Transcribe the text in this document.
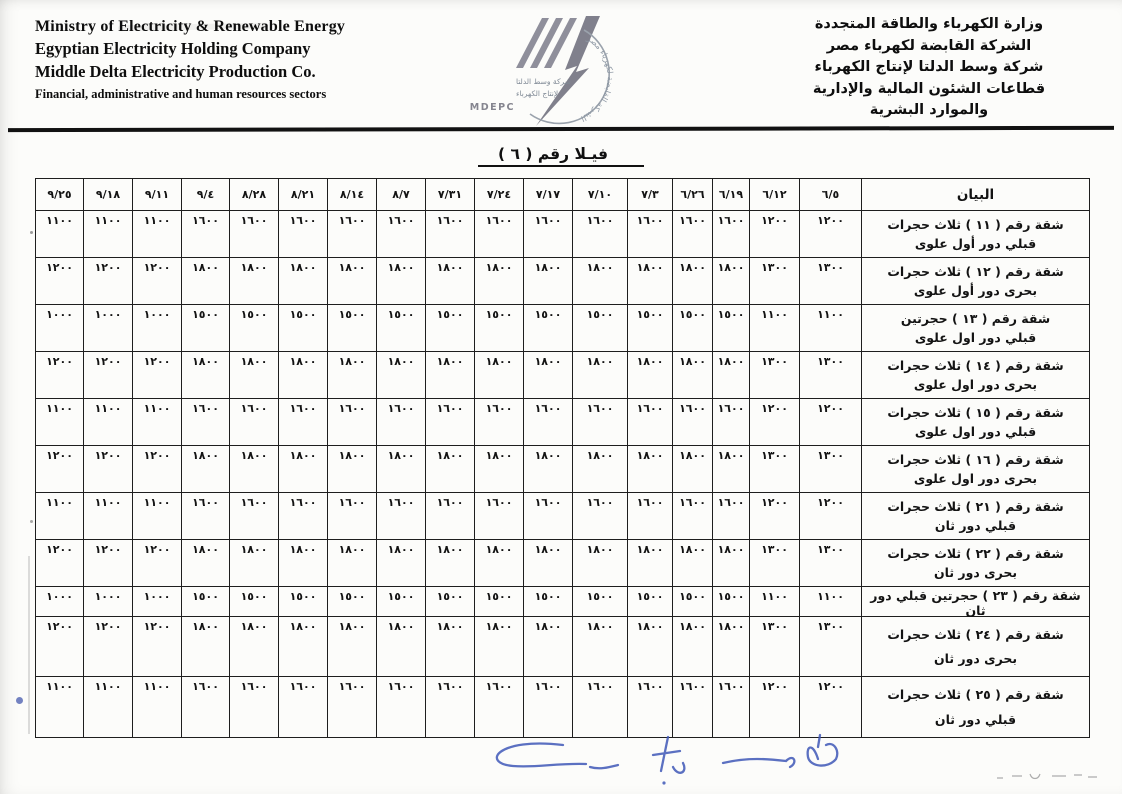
Ministry of Electricity & Renewable Energy
Egyptian Electricity Holding Company
Middle Delta Electricity Production Co.
Financial, administrative and human resources sectors
الشركة القابضة لكهرباء مصر
شركة وسط الدلتا
لإنتاج الكهرباء
MDEPC
وزارة الكهرباء والطاقة المتجددة
الشركة القابضة لكهرباء مصر
شركة وسط الدلتا لإنتاج الكهرباء
قطاعات الشئون المالية والإدارية
والموارد البشرية
فيـلا رقم ( ٦ )
البيان	٦/٥	٦/١٢	٦/١٩	٦/٢٦	٧/٣	٧/١٠	٧/١٧	٧/٢٤	٧/٣١	٨/٧	٨/١٤	٨/٢١	٨/٢٨	٩/٤	٩/١١	٩/١٨	٩/٢٥

شقة رقم ( ١١ ) ثلاث حجرات
قبلي دور أول علوى	١٢٠٠	١٢٠٠	١٦٠٠	١٦٠٠	١٦٠٠	١٦٠٠	١٦٠٠	١٦٠٠	١٦٠٠	١٦٠٠	١٦٠٠	١٦٠٠	١٦٠٠	١٦٠٠	١١٠٠	١١٠٠	١١٠٠

شقة رقم ( ١٢ ) ثلاث حجرات
بحرى دور أول علوى	١٣٠٠	١٣٠٠	١٨٠٠	١٨٠٠	١٨٠٠	١٨٠٠	١٨٠٠	١٨٠٠	١٨٠٠	١٨٠٠	١٨٠٠	١٨٠٠	١٨٠٠	١٨٠٠	١٢٠٠	١٢٠٠	١٢٠٠

شقة رقم ( ١٣ ) حجرتين
قبلي دور اول علوى	١١٠٠	١١٠٠	١٥٠٠	١٥٠٠	١٥٠٠	١٥٠٠	١٥٠٠	١٥٠٠	١٥٠٠	١٥٠٠	١٥٠٠	١٥٠٠	١٥٠٠	١٥٠٠	١٠٠٠	١٠٠٠	١٠٠٠

شقة رقم ( ١٤ ) ثلاث حجرات
بحرى دور اول علوى	١٣٠٠	١٣٠٠	١٨٠٠	١٨٠٠	١٨٠٠	١٨٠٠	١٨٠٠	١٨٠٠	١٨٠٠	١٨٠٠	١٨٠٠	١٨٠٠	١٨٠٠	١٨٠٠	١٢٠٠	١٢٠٠	١٢٠٠

شقة رقم ( ١٥ ) ثلاث حجرات
قبلي دور اول علوى	١٢٠٠	١٢٠٠	١٦٠٠	١٦٠٠	١٦٠٠	١٦٠٠	١٦٠٠	١٦٠٠	١٦٠٠	١٦٠٠	١٦٠٠	١٦٠٠	١٦٠٠	١٦٠٠	١١٠٠	١١٠٠	١١٠٠

شقة رقم ( ١٦ ) ثلاث حجرات
بحرى دور اول علوى	١٣٠٠	١٣٠٠	١٨٠٠	١٨٠٠	١٨٠٠	١٨٠٠	١٨٠٠	١٨٠٠	١٨٠٠	١٨٠٠	١٨٠٠	١٨٠٠	١٨٠٠	١٨٠٠	١٢٠٠	١٢٠٠	١٢٠٠

شقة رقم ( ٢١ ) ثلاث حجرات
قبلي دور ثان	١٢٠٠	١٢٠٠	١٦٠٠	١٦٠٠	١٦٠٠	١٦٠٠	١٦٠٠	١٦٠٠	١٦٠٠	١٦٠٠	١٦٠٠	١٦٠٠	١٦٠٠	١٦٠٠	١١٠٠	١١٠٠	١١٠٠

شقة رقم ( ٢٢ ) ثلاث حجرات
بحرى دور ثان	١٣٠٠	١٣٠٠	١٨٠٠	١٨٠٠	١٨٠٠	١٨٠٠	١٨٠٠	١٨٠٠	١٨٠٠	١٨٠٠	١٨٠٠	١٨٠٠	١٨٠٠	١٨٠٠	١٢٠٠	١٢٠٠	١٢٠٠

شقة رقم ( ٢٣ ) حجرتين قبلي دور ثان	١١٠٠	١١٠٠	١٥٠٠	١٥٠٠	١٥٠٠	١٥٠٠	١٥٠٠	١٥٠٠	١٥٠٠	١٥٠٠	١٥٠٠	١٥٠٠	١٥٠٠	١٥٠٠	١٠٠٠	١٠٠٠	١٠٠٠

شقة رقم ( ٢٤ ) ثلاث حجرات
بحرى دور ثان	١٣٠٠	١٣٠٠	١٨٠٠	١٨٠٠	١٨٠٠	١٨٠٠	١٨٠٠	١٨٠٠	١٨٠٠	١٨٠٠	١٨٠٠	١٨٠٠	١٨٠٠	١٨٠٠	١٢٠٠	١٢٠٠	١٢٠٠

شقة رقم ( ٢٥ ) ثلاث حجرات
قبلي دور ثان	١٢٠٠	١٢٠٠	١٦٠٠	١٦٠٠	١٦٠٠	١٦٠٠	١٦٠٠	١٦٠٠	١٦٠٠	١٦٠٠	١٦٠٠	١٦٠٠	١٦٠٠	١٦٠٠	١١٠٠	١١٠٠	١١٠٠
